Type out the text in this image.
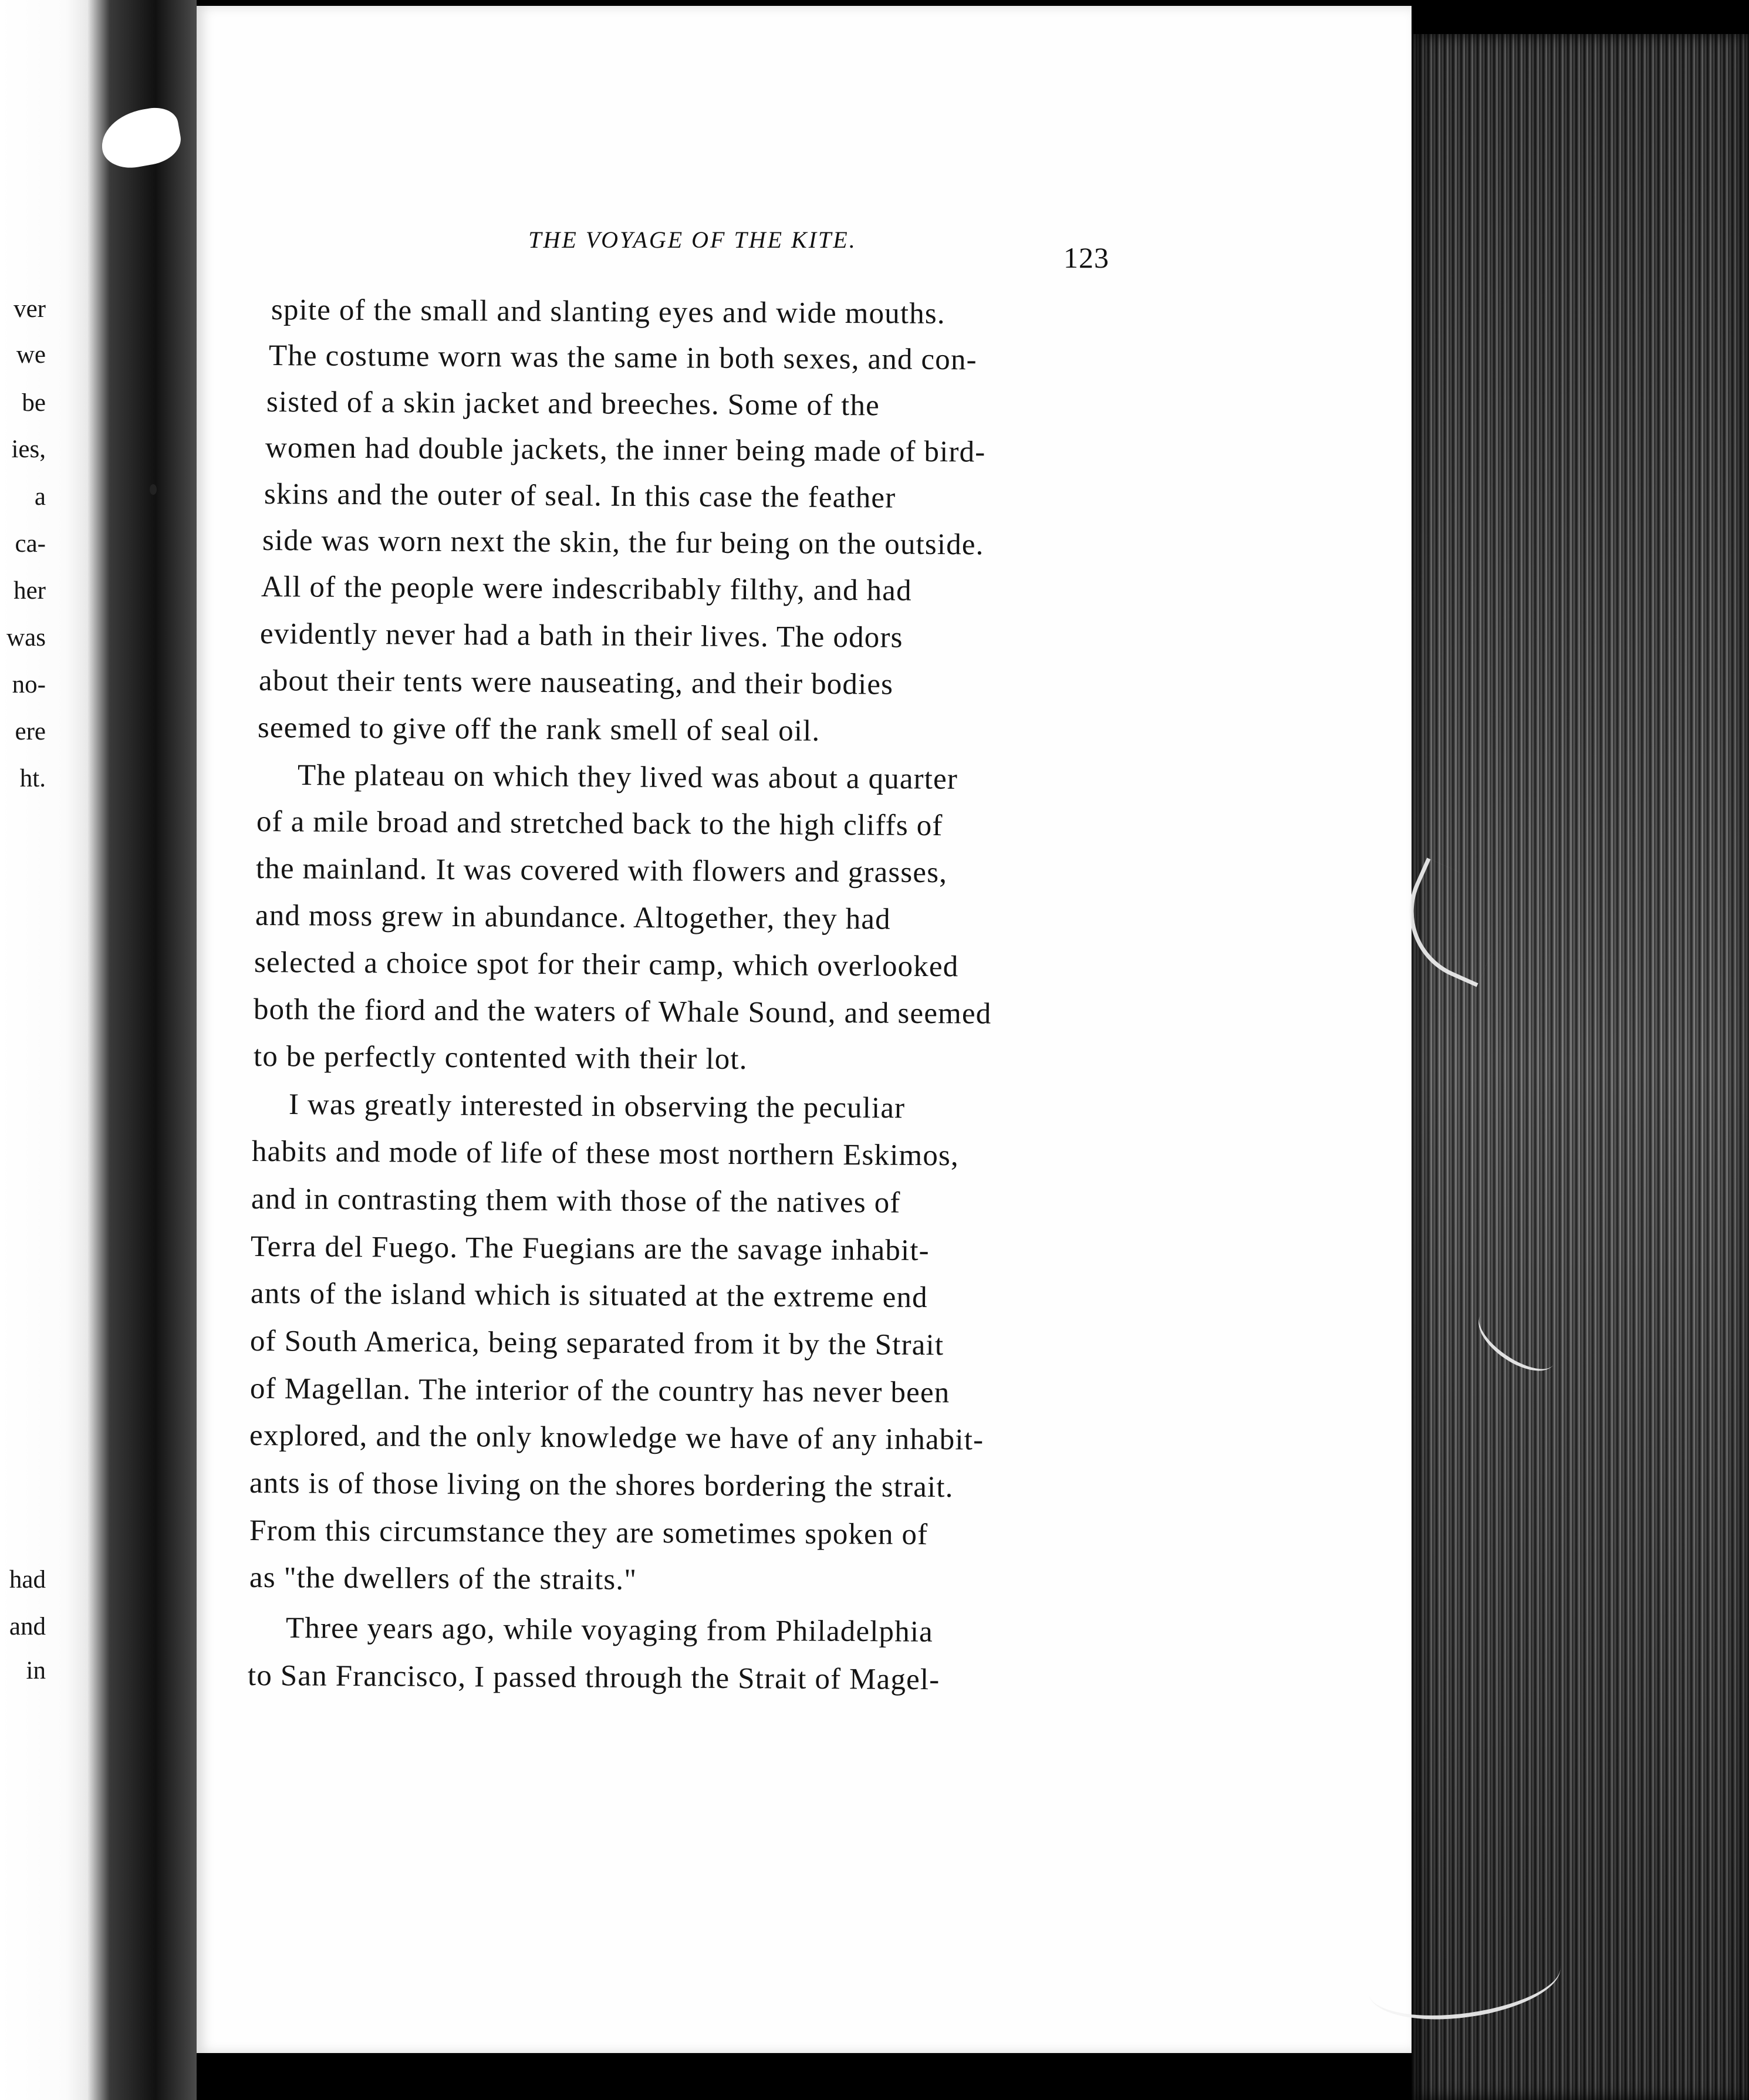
ver
we
be
ies,
a
ca-
her
was
no-
ere
ht.
had
and
in
THE VOYAGE OF THE KITE.
123
spite of the small and slanting eyes and wide mouths.
The costume worn was the same in both sexes, and con-
sisted of a skin jacket and breeches. Some of the
women had double jackets, the inner being made of bird-
skins and the outer of seal. In this case the feather
side was worn next the skin, the fur being on the outside.
All of the people were indescribably filthy, and had
evidently never had a bath in their lives. The odors
about their tents were nauseating, and their bodies
seemed to give off the rank smell of seal oil.
The plateau on which they lived was about a quarter
of a mile broad and stretched back to the high cliffs of
the mainland. It was covered with flowers and grasses,
and moss grew in abundance. Altogether, they had
selected a choice spot for their camp, which overlooked
both the fiord and the waters of Whale Sound, and seemed
to be perfectly contented with their lot.
I was greatly interested in observing the peculiar
habits and mode of life of these most northern Eskimos,
and in contrasting them with those of the natives of
Terra del Fuego. The Fuegians are the savage inhabit-
ants of the island which is situated at the extreme end
of South America, being separated from it by the Strait
of Magellan. The interior of the country has never been
explored, and the only knowledge we have of any inhabit-
ants is of those living on the shores bordering the strait.
From this circumstance they are sometimes spoken of
as "the dwellers of the straits."
Three years ago, while voyaging from Philadelphia
to San Francisco, I passed through the Strait of Magel-
